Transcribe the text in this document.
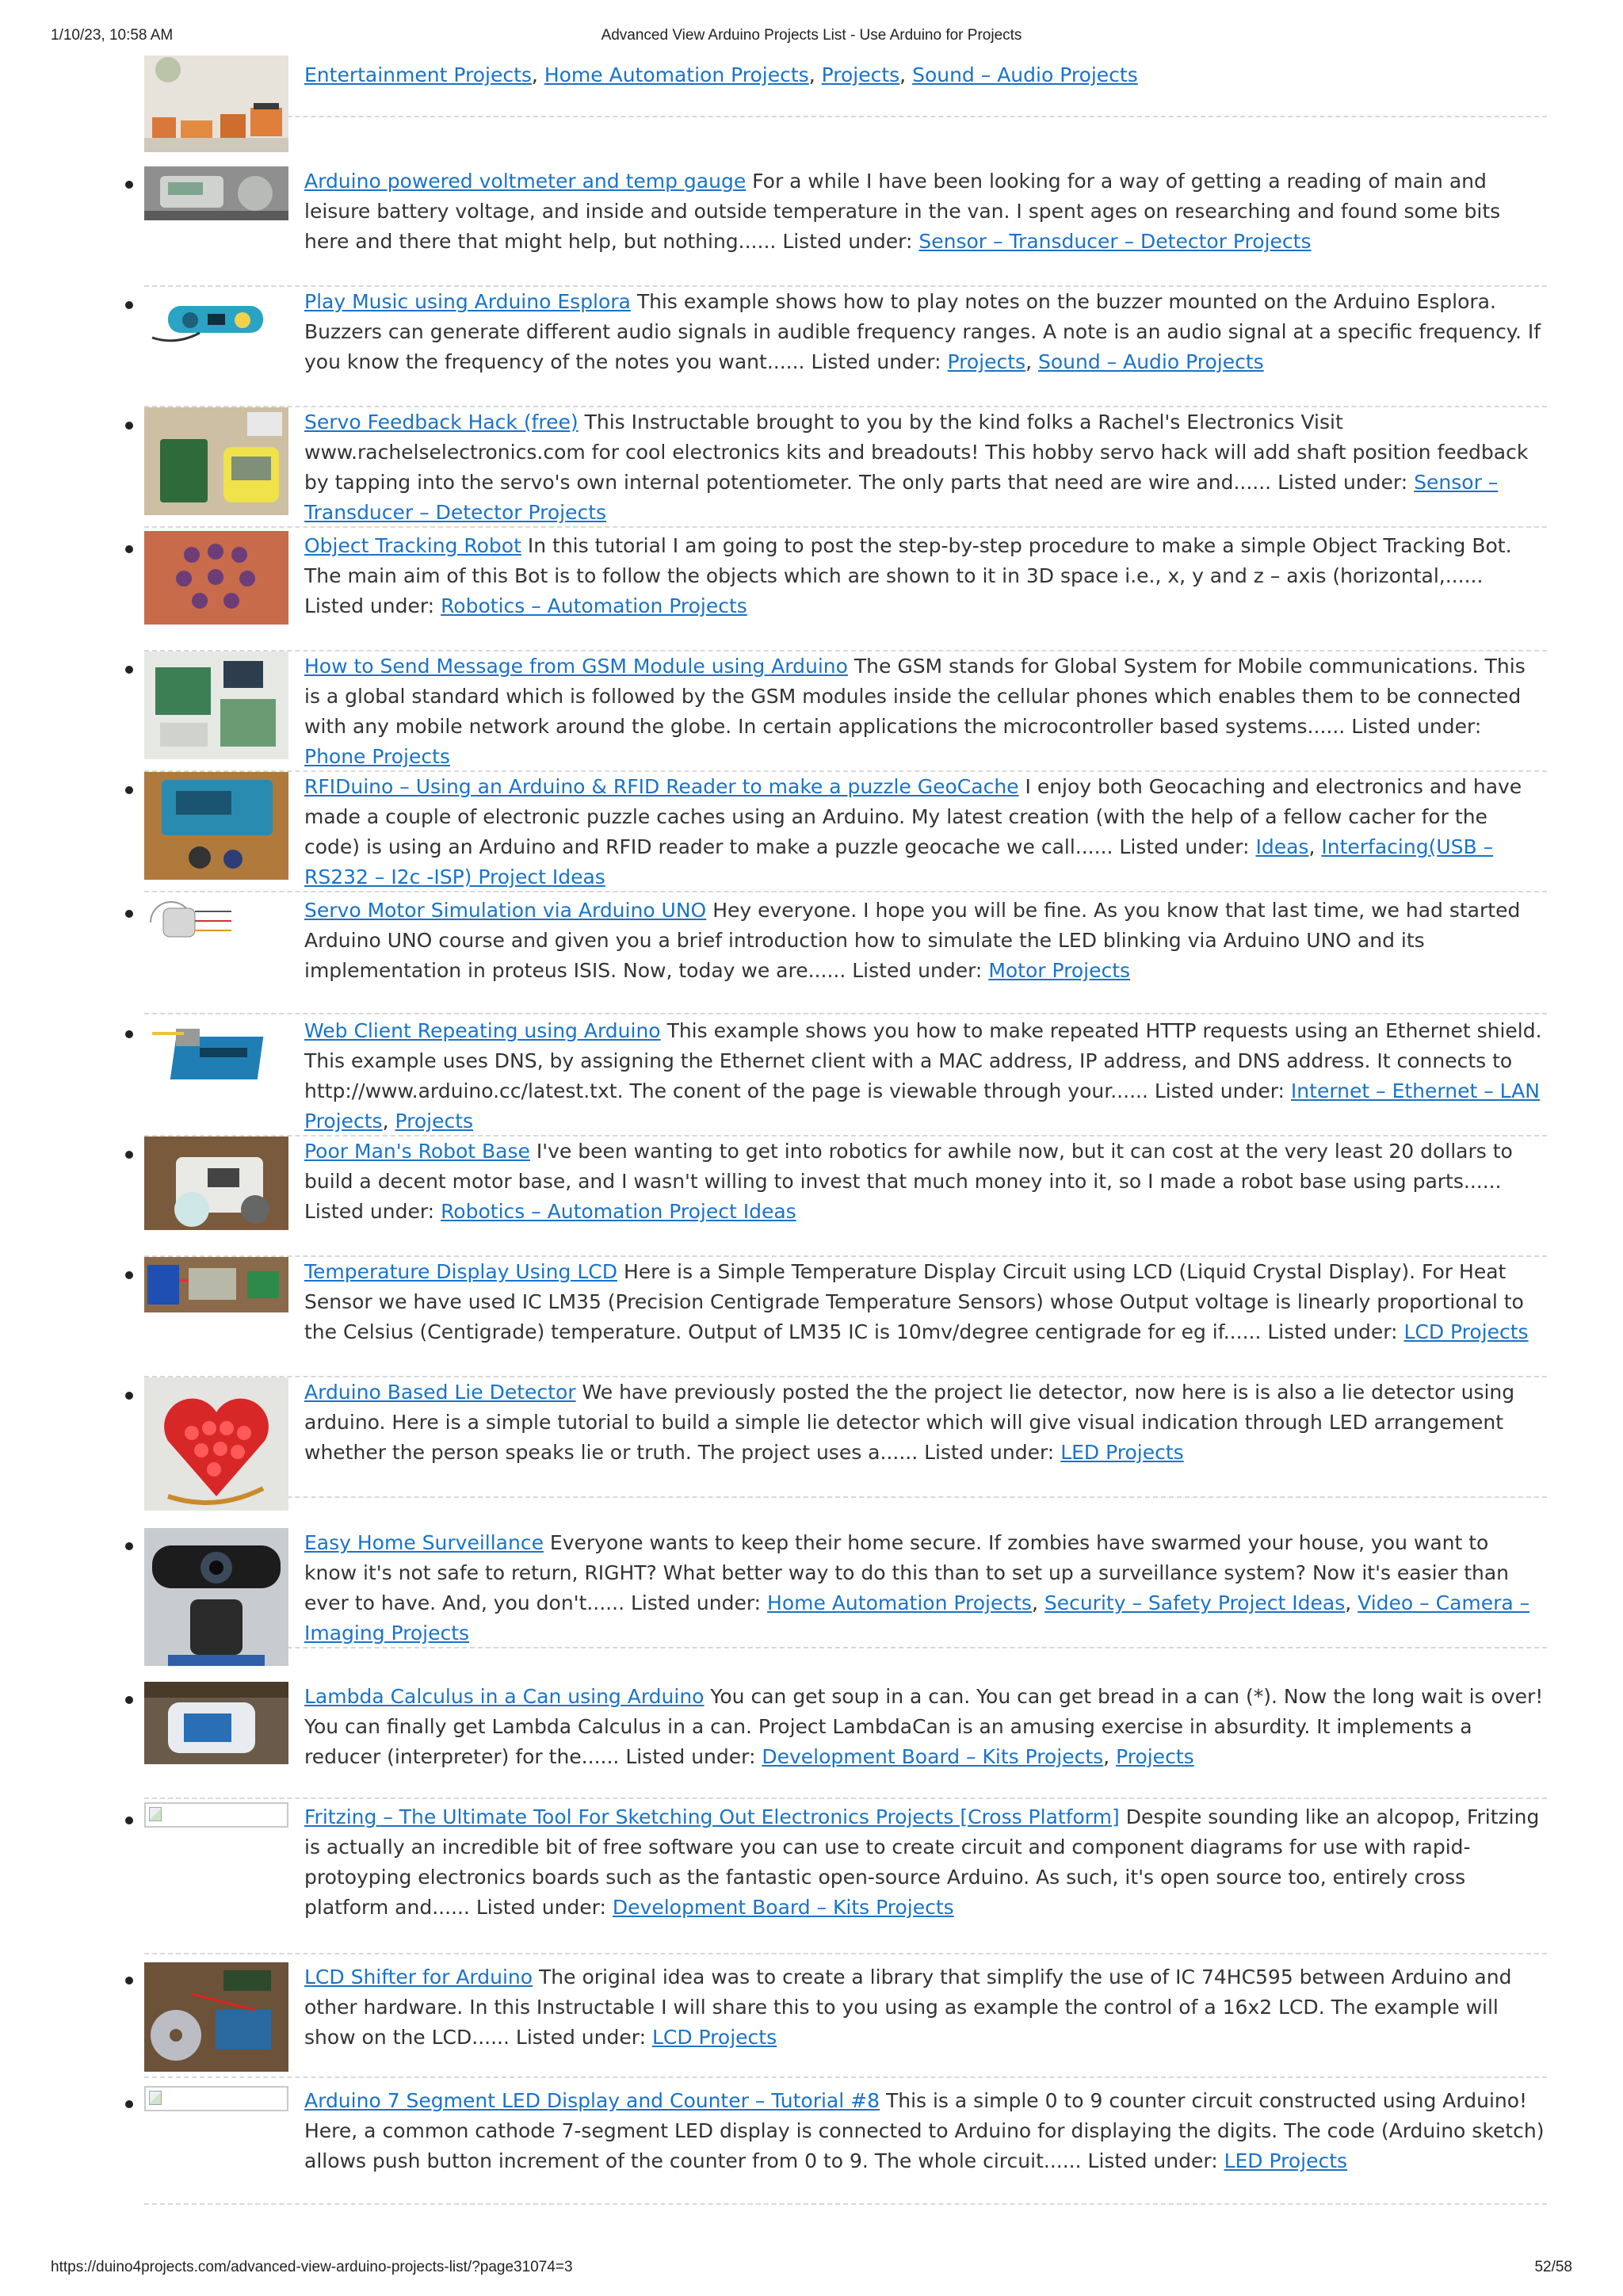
1/10/23, 10:58 AM	Advanced View Arduino Projects List - Use Arduino for Projects
Entertainment Projects, Home Automation Projects, Projects, Sound – Audio Projects
Arduino powered voltmeter and temp gauge For a while I have been looking for a way of getting a reading of main and leisure battery voltage, and inside and outside temperature in the van. I spent ages on researching and found some bits here and there that might help, but nothing...... Listed under: Sensor – Transducer – Detector Projects
Play Music using Arduino Esplora This example shows how to play notes on the buzzer mounted on the Arduino Esplora. Buzzers can generate different audio signals in audible frequency ranges. A note is an audio signal at a specific frequency. If you know the frequency of the notes you want...... Listed under: Projects, Sound – Audio Projects
Servo Feedback Hack (free) This Instructable brought to you by the kind folks a Rachel's Electronics Visit www.rachelselectronics.com for cool electronics kits and breadouts! This hobby servo hack will add shaft position feedback by tapping into the servo's own internal potentiometer. The only parts that need are wire and...... Listed under: Sensor – Transducer – Detector Projects
Object Tracking Robot In this tutorial I am going to post the step-by-step procedure to make a simple Object Tracking Bot. The main aim of this Bot is to follow the objects which are shown to it in 3D space i.e., x, y and z – axis (horizontal,...... Listed under: Robotics – Automation Projects
How to Send Message from GSM Module using Arduino The GSM stands for Global System for Mobile communications. This is a global standard which is followed by the GSM modules inside the cellular phones which enables them to be connected with any mobile network around the globe. In certain applications the microcontroller based systems...... Listed under: Phone Projects
RFIDuino – Using an Arduino & RFID Reader to make a puzzle GeoCache I enjoy both Geocaching and electronics and have made a couple of electronic puzzle caches using an Arduino. My latest creation (with the help of a fellow cacher for the code) is using an Arduino and RFID reader to make a puzzle geocache we call...... Listed under: Ideas, Interfacing(USB – RS232 – I2c -ISP) Project Ideas
Servo Motor Simulation via Arduino UNO Hey everyone. I hope you will be fine. As you know that last time, we had started Arduino UNO course and given you a brief introduction how to simulate the LED blinking via Arduino UNO and its implementation in proteus ISIS. Now, today we are...... Listed under: Motor Projects
Web Client Repeating using Arduino This example shows you how to make repeated HTTP requests using an Ethernet shield. This example uses DNS, by assigning the Ethernet client with a MAC address, IP address, and DNS address. It connects to http://www.arduino.cc/latest.txt. The conent of the page is viewable through your...... Listed under: Internet – Ethernet – LAN Projects, Projects
Poor Man's Robot Base I've been wanting to get into robotics for awhile now, but it can cost at the very least 20 dollars to build a decent motor base, and I wasn't willing to invest that much money into it, so I made a robot base using parts...... Listed under: Robotics – Automation Project Ideas
Temperature Display Using LCD Here is a Simple Temperature Display Circuit using LCD (Liquid Crystal Display). For Heat Sensor we have used IC LM35 (Precision Centigrade Temperature Sensors) whose Output voltage is linearly proportional to the Celsius (Centigrade) temperature. Output of LM35 IC is 10mv/degree centigrade for eg if...... Listed under: LCD Projects
Arduino Based Lie Detector We have previously posted the the project lie detector, now here is is also a lie detector using arduino. Here is a simple tutorial to build a simple lie detector which will give visual indication through LED arrangement whether the person speaks lie or truth. The project uses a...... Listed under: LED Projects
Easy Home Surveillance Everyone wants to keep their home secure. If zombies have swarmed your house, you want to know it's not safe to return, RIGHT? What better way to do this than to set up a surveillance system? Now it's easier than ever to have. And, you don't...... Listed under: Home Automation Projects, Security – Safety Project Ideas, Video – Camera – Imaging Projects
Lambda Calculus in a Can using Arduino You can get soup in a can. You can get bread in a can (*). Now the long wait is over! You can finally get Lambda Calculus in a can. Project LambdaCan is an amusing exercise in absurdity. It implements a reducer (interpreter) for the...... Listed under: Development Board – Kits Projects, Projects
Fritzing – The Ultimate Tool For Sketching Out Electronics Projects [Cross Platform] Despite sounding like an alcopop, Fritzing is actually an incredible bit of free software you can use to create circuit and component diagrams for use with rapid-protoyping electronics boards such as the fantastic open-source Arduino. As such, it's open source too, entirely cross platform and...... Listed under: Development Board – Kits Projects
LCD Shifter for Arduino The original idea was to create a library that simplify the use of IC 74HC595 between Arduino and other hardware. In this Instructable I will share this to you using as example the control of a 16x2 LCD. The example will show on the LCD...... Listed under: LCD Projects
Arduino 7 Segment LED Display and Counter – Tutorial #8 This is a simple 0 to 9 counter circuit constructed using Arduino! Here, a common cathode 7-segment LED display is connected to Arduino for displaying the digits. The code (Arduino sketch) allows push button increment of the counter from 0 to 9. The whole circuit...... Listed under: LED Projects
https://duino4projects.com/advanced-view-arduino-projects-list/?page31074=3	52/58
